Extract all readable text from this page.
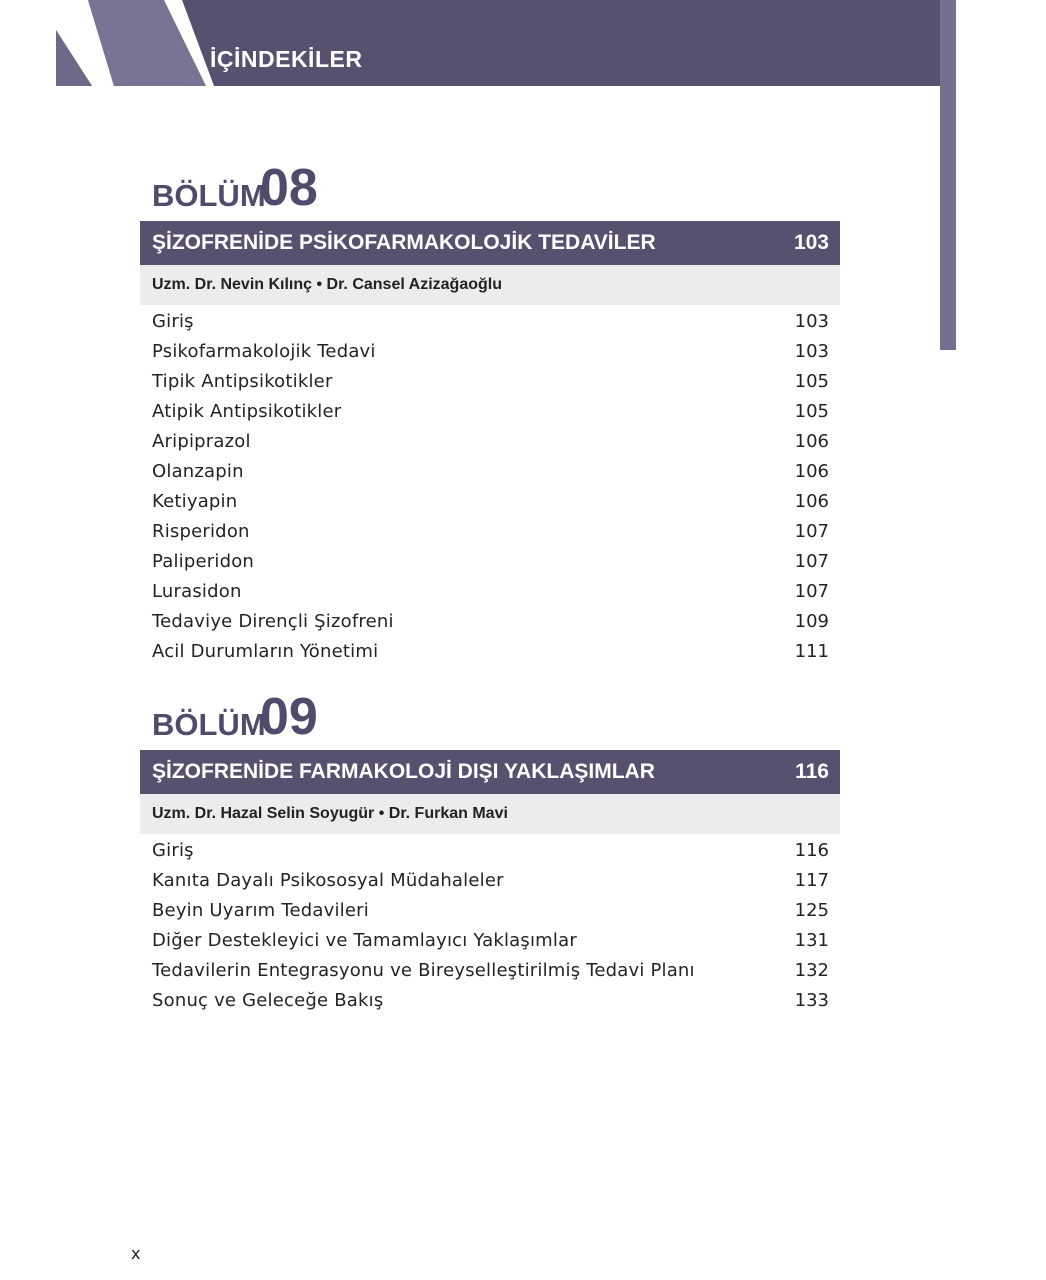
İÇİNDEKİLER
BÖLÜM
08
ŞİZOFRENİDE PSİKOFARMAKOLOJİK TEDAVİLER	103
Uzm. Dr. Nevin Kılınç • Dr. Cansel Azizağaoğlu
Giriş	103
Psikofarmakolojik Tedavi	103
Tipik Antipsikotikler	105
Atipik Antipsikotikler	105
Aripiprazol	106
Olanzapin	106
Ketiyapin	106
Risperidon	107
Paliperidon	107
Lurasidon	107
Tedaviye Dirençli Şizofreni	109
Acil Durumların Yönetimi	111
BÖLÜM
09
ŞİZOFRENİDE FARMAKOLOJİ DIŞI YAKLAŞIMLAR	116
Uzm. Dr. Hazal Selin Soyugür • Dr. Furkan Mavi
Giriş	116
Kanıta Dayalı Psikososyal Müdahaleler	117
Beyin Uyarım Tedavileri	125
Diğer Destekleyici ve Tamamlayıcı Yaklaşımlar	131
Tedavilerin Entegrasyonu ve Bireyselleştirilmiş Tedavi Planı	132
Sonuç ve Geleceğe Bakış	133
x
